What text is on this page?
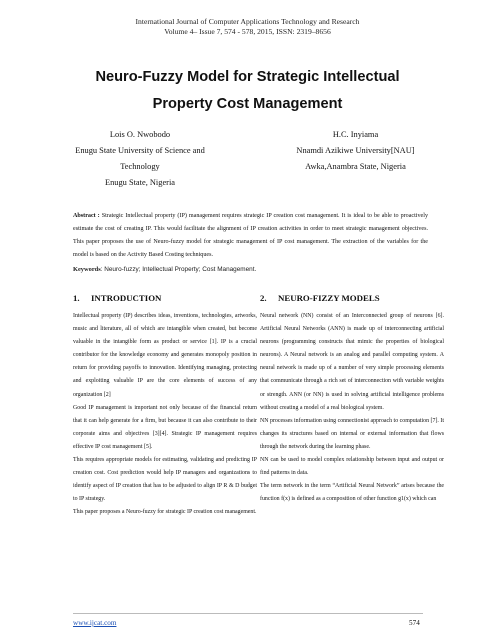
International Journal of Computer Applications Technology and Research
Volume 4– Issue 7, 574 - 578, 2015, ISSN: 2319–8656
Neuro-Fuzzy Model for Strategic Intellectual
Property Cost Management
Lois O. Nwobodo
Enugu State University of Science and
Technology
Enugu State, Nigeria
H.C. Inyiama
Nnamdi Azikiwe University[NAU]
Awka,Anambra State, Nigeria
Abstract : Strategic Intellectual property (IP) management requires strategic IP creation cost management. It is ideal to be able to proactively estimate the cost of creating IP. This would facilitate the alignment of IP creation activities in order to meet strategic management objectives. This paper proposes the use of Neuro-fuzzy model for strategic management of IP cost management. The extraction of the variables for the model is based on the Activity Based Costing techniques.
Keywords: Neuro-fuzzy; Intellectual Property; Cost Management.
1. INTRODUCTION

Intellectual property (IP) describes ideas, inventions, technologies, artworks, music and literature, all of which are intangible when created, but become valuable in the intangible form as product or service [1]. IP is a crucial contributor for the knowledge economy and generates monopoly position in return for providing payoffs to innovation. Identifying managing, protecting and exploiting valuable IP are the core elements of success of any organization [2]

Good IP management is important not only because of the financial return that it can help generate for a firm, but because it can also contribute to their corporate aims and objectives [3][4]. Strategic IP management requires effective IP cost management [5].

This requires appropriate models for estimating, validating and predicting IP creation cost. Cost prediction would help IP managers and organizations to identify aspect of IP creation that has to be adjusted to align IP R & D budget to IP strategy.

This paper proposes a Neuro-fuzzy for strategic IP creation cost management.

2. NEURO-FIZZY MODELS

Neural network (NN) consist of an Interconnected group of neurons [6]. Artificial Neural Networks (ANN) is made up of interconnecting artificial neurons (programming constructs that mimic the properties of biological neurons). A Neural network is an analog and parallel computing system. A neural network is made up of a number of very simple processing elements that communicate through a rich set of interconnection with variable weights or strength. ANN (or NN) is used in solving artificial intelligence problems without creating a model of a real biological system.

NN processes information using connectionist approach to computation [7]. It changes its structures based on internal or external information that flows through the network during the learning phase.

NN can be used to model complex relationship between input and output or find patterns in data.

The term network in the term “Artificial Neural Network” arises because the function f(x) is defined as a composition of other function g1(x) which can

www.ijcat.com	574
